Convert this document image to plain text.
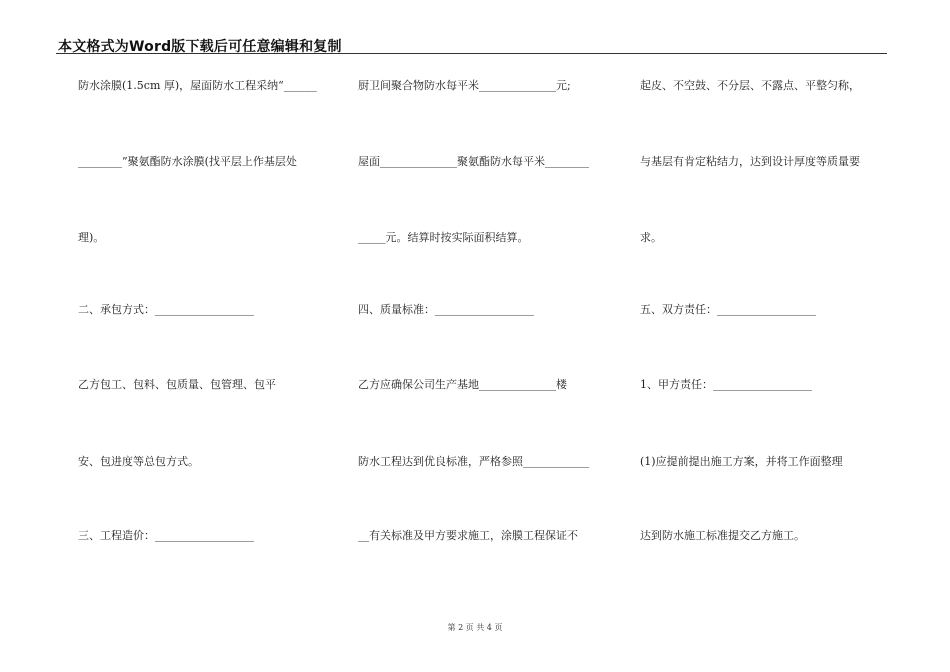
本文格式为Word版下载后可任意编辑和复制
防水涂膜(1.5cm 厚)，屋面防水工程采纳“______
________”聚氨酯防水涂膜(找平层上作基层处
理)。
二、承包方式：__________________
乙方包工、包料、包质量、包管理、包平
安、包进度等总包方式。
三、工程造价：__________________
厨卫间聚合物防水每平米______________元;
屋面______________聚氨酯防水每平米________
_____元。结算时按实际面积结算。
四、质量标准：__________________
乙方应确保公司生产基地______________楼
防水工程达到优良标准，严格参照____________
__有关标准及甲方要求施工，涂膜工程保证不
起皮、不空鼓、不分层、不露点、平整匀称，
与基层有肯定粘结力，达到设计厚度等质量要
求。
五、双方责任：__________________
1、甲方责任：__________________
(1)应提前提出施工方案，并将工作面整理
达到防水施工标准提交乙方施工。
第 2 页 共 4 页
